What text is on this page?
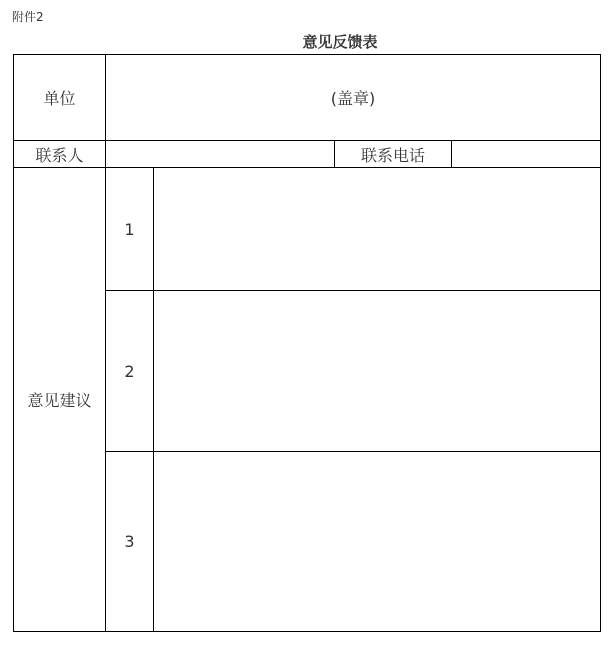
附件2
意见反馈表
单位	(盖章)			
联系人			联系电话	
意见建议	1			
	2			
	3			
